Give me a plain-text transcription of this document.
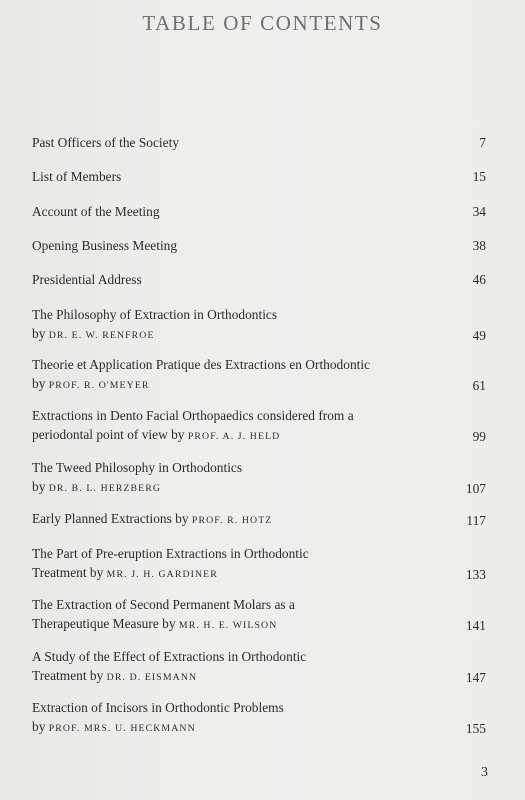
TABLE OF CONTENTS
Past Officers of the Society	7
List of Members	15
Account of the Meeting	34
Opening Business Meeting	38
Presidential Address	46
The Philosophy of Extraction in Orthodontics
by DR. E. W. RENFROE	49
Theorie et Application Pratique des Extractions en Orthodontic
by PROF. R. O'MEYER	61
Extractions in Dento Facial Orthopaedics considered from a
periodontal point of view by PROF. A. J. HELD	99
The Tweed Philosophy in Orthodontics
by DR. B. L. HERZBERG	107
Early Planned Extractions by PROF. R. HOTZ	117
The Part of Pre-eruption Extractions in Orthodontic
Treatment by MR. J. H. GARDINER	133
The Extraction of Second Permanent Molars as a
Therapeutique Measure by MR. H. E. WILSON	141
A Study of the Effect of Extractions in Orthodontic
Treatment by DR. D. EISMANN	147
Extraction of Incisors in Orthodontic Problems
by PROF. MRS. U. HECKMANN	155
3
